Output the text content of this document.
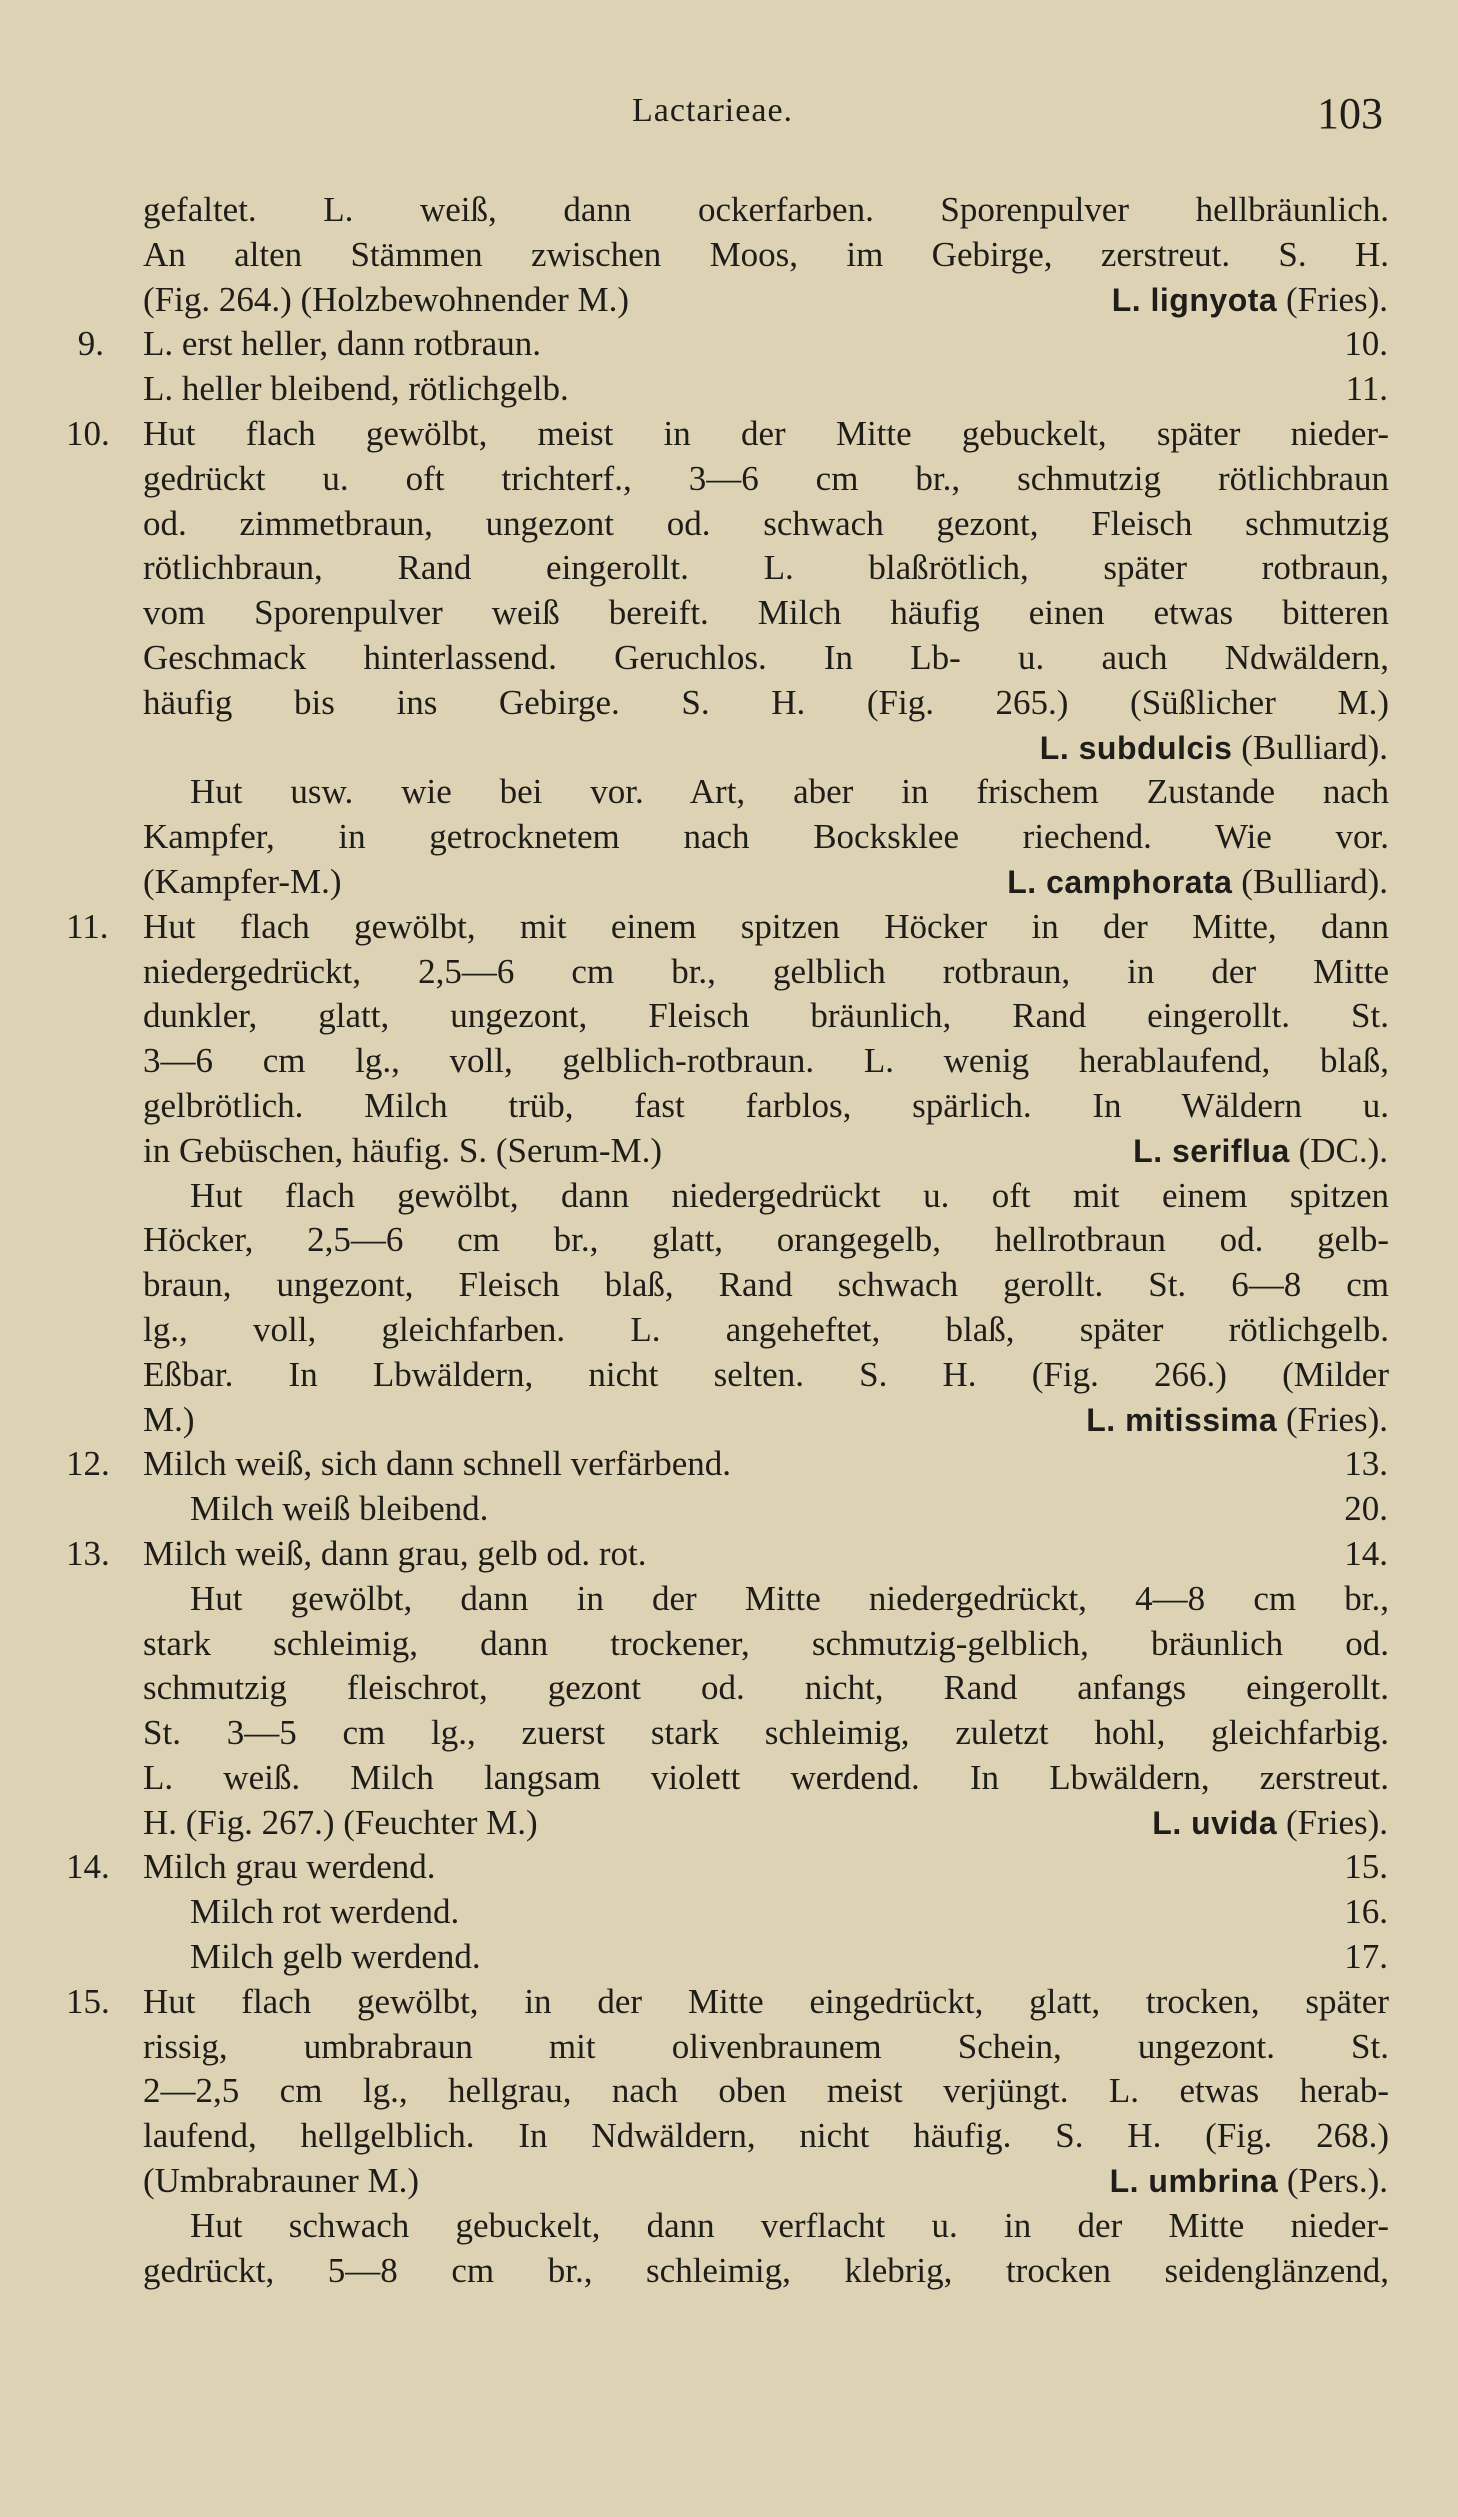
Lactarieae.	103
gefaltet. L. weiß, dann ockerfarben. Sporenpulver hellbräunlich.
An alten Stämmen zwischen Moos, im Gebirge, zerstreut. S. H.
(Fig. 264.) (Holzbewohnender M.)	L. lignyota (Fries).
9. L. erst heller, dann rotbraun.	10.
L. heller bleibend, rötlichgelb.	11.
10. Hut flach gewölbt, meist in der Mitte gebuckelt, später nieder-
gedrückt u. oft trichterf., 3—6 cm br., schmutzig rötlichbraun
od. zimmetbraun, ungezont od. schwach gezont, Fleisch schmutzig
rötlichbraun, Rand eingerollt. L. blaßrötlich, später rotbraun,
vom Sporenpulver weiß bereift. Milch häufig einen etwas bitteren
Geschmack hinterlassend. Geruchlos. In Lb- u. auch Ndwäldern,
häufig bis ins Gebirge. S. H. (Fig. 265.) (Süßlicher M.)
L. subdulcis (Bulliard).
Hut usw. wie bei vor. Art, aber in frischem Zustande nach
Kampfer, in getrocknetem nach Bocksklee riechend. Wie vor.
(Kampfer-M.)	L. camphorata (Bulliard).
11. Hut flach gewölbt, mit einem spitzen Höcker in der Mitte, dann
niedergedrückt, 2,5—6 cm br., gelblich rotbraun, in der Mitte
dunkler, glatt, ungezont, Fleisch bräunlich, Rand eingerollt. St.
3—6 cm lg., voll, gelblich-rotbraun. L. wenig herablaufend, blaß,
gelbrötlich. Milch trüb, fast farblos, spärlich. In Wäldern u.
in Gebüschen, häufig. S. (Serum-M.)	L. seriflua (DC.).
Hut flach gewölbt, dann niedergedrückt u. oft mit einem spitzen
Höcker, 2,5—6 cm br., glatt, orangegelb, hellrotbraun od. gelb-
braun, ungezont, Fleisch blaß, Rand schwach gerollt. St. 6—8 cm
lg., voll, gleichfarben. L. angeheftet, blaß, später rötlichgelb.
Eßbar. In Lbwäldern, nicht selten. S. H. (Fig. 266.) (Milder
M.)	L. mitissima (Fries).
12. Milch weiß, sich dann schnell verfärbend.	13.
Milch weiß bleibend.	20.
13. Milch weiß, dann grau, gelb od. rot.	14.
Hut gewölbt, dann in der Mitte niedergedrückt, 4—8 cm br.,
stark schleimig, dann trockener, schmutzig-gelblich, bräunlich od.
schmutzig fleischrot, gezont od. nicht, Rand anfangs eingerollt.
St. 3—5 cm lg., zuerst stark schleimig, zuletzt hohl, gleichfarbig.
L. weiß. Milch langsam violett werdend. In Lbwäldern, zerstreut.
H. (Fig. 267.) (Feuchter M.)	L. uvida (Fries).
14. Milch grau werdend.	15.
Milch rot werdend.	16.
Milch gelb werdend.	17.
15. Hut flach gewölbt, in der Mitte eingedrückt, glatt, trocken, später
rissig, umbrabraun mit olivenbraunem Schein, ungezont. St.
2—2,5 cm lg., hellgrau, nach oben meist verjüngt. L. etwas herab-
laufend, hellgelblich. In Ndwäldern, nicht häufig. S. H. (Fig. 268.)
(Umbrabrauner M.)	L. umbrina (Pers.).
Hut schwach gebuckelt, dann verflacht u. in der Mitte nieder-
gedrückt, 5—8 cm br., schleimig, klebrig, trocken seidenglänzend,
